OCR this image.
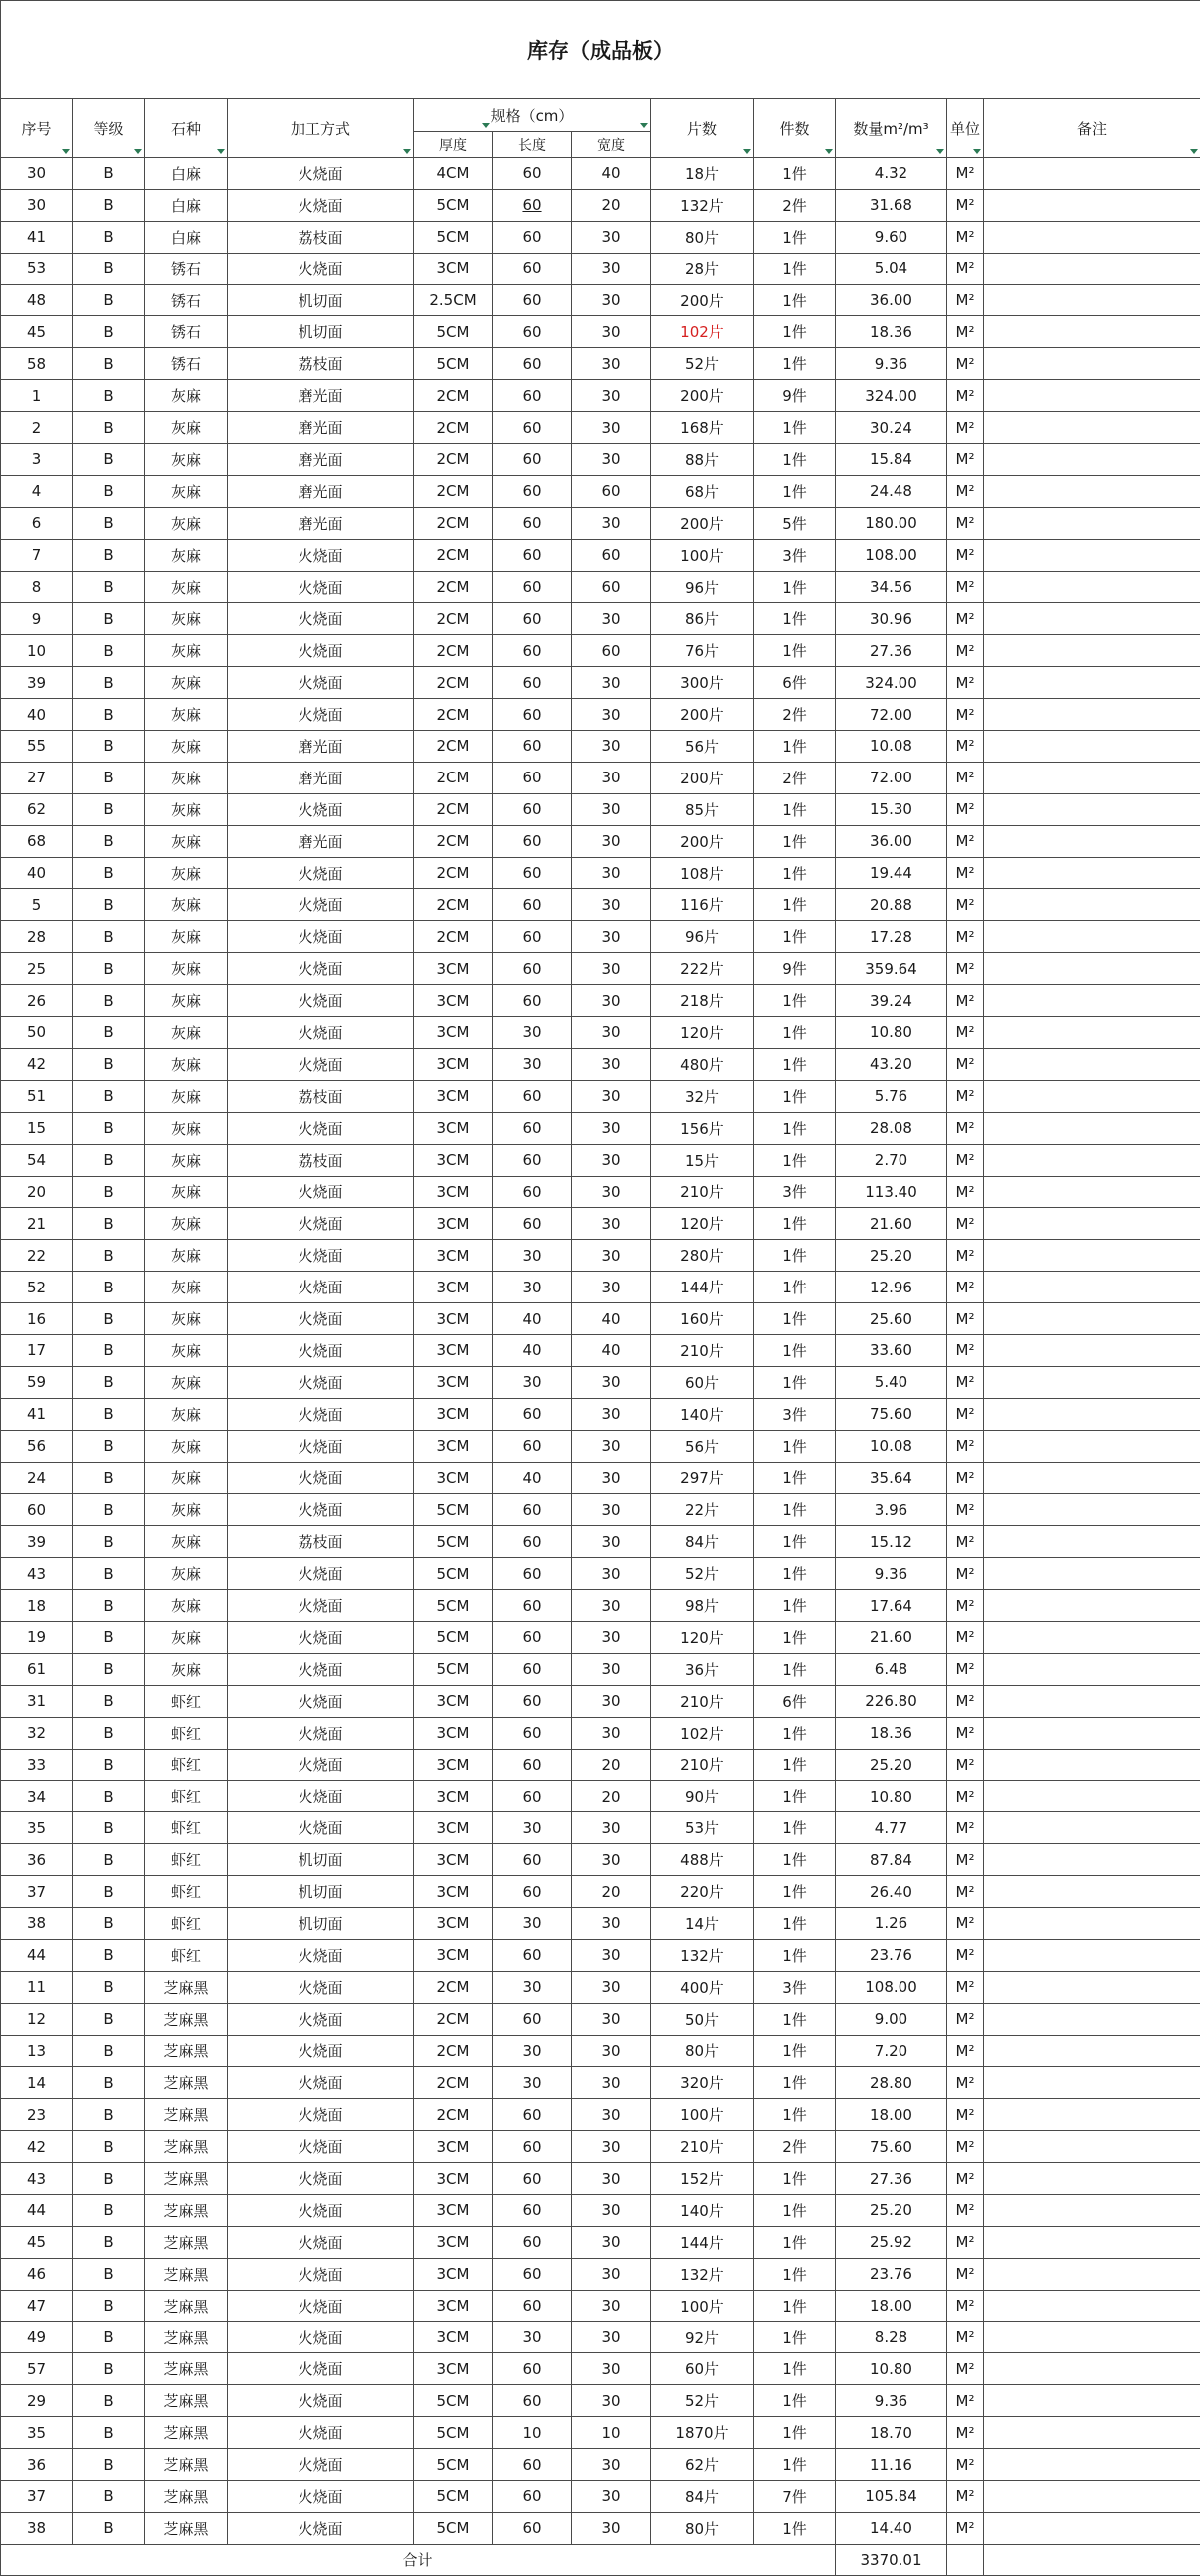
库存（成品板）											
序号	等级	石种	加工方式	规格（cm）			片数	件数	数量m²/m³	单位	备注

				厚度	长度	宽度					
30	B	白麻	火烧面	4CM	60	40	18片	1件	4.32	M²	
30	B	白麻	火烧面	5CM	60	20	132片	2件	31.68	M²	
41	B	白麻	荔枝面	5CM	60	30	80片	1件	9.60	M²	
53	B	锈石	火烧面	3CM	60	30	28片	1件	5.04	M²	
48	B	锈石	机切面	2.5CM	60	30	200片	1件	36.00	M²	
45	B	锈石	机切面	5CM	60	30	102片	1件	18.36	M²	
58	B	锈石	荔枝面	5CM	60	30	52片	1件	9.36	M²	
1	B	灰麻	磨光面	2CM	60	30	200片	9件	324.00	M²	
2	B	灰麻	磨光面	2CM	60	30	168片	1件	30.24	M²	
3	B	灰麻	磨光面	2CM	60	30	88片	1件	15.84	M²	
4	B	灰麻	磨光面	2CM	60	60	68片	1件	24.48	M²	
6	B	灰麻	磨光面	2CM	60	30	200片	5件	180.00	M²	
7	B	灰麻	火烧面	2CM	60	60	100片	3件	108.00	M²	
8	B	灰麻	火烧面	2CM	60	60	96片	1件	34.56	M²	
9	B	灰麻	火烧面	2CM	60	30	86片	1件	30.96	M²	
10	B	灰麻	火烧面	2CM	60	60	76片	1件	27.36	M²	
39	B	灰麻	火烧面	2CM	60	30	300片	6件	324.00	M²	
40	B	灰麻	火烧面	2CM	60	30	200片	2件	72.00	M²	
55	B	灰麻	磨光面	2CM	60	30	56片	1件	10.08	M²	
27	B	灰麻	磨光面	2CM	60	30	200片	2件	72.00	M²	
62	B	灰麻	火烧面	2CM	60	30	85片	1件	15.30	M²	
68	B	灰麻	磨光面	2CM	60	30	200片	1件	36.00	M²	
40	B	灰麻	火烧面	2CM	60	30	108片	1件	19.44	M²	
5	B	灰麻	火烧面	2CM	60	30	116片	1件	20.88	M²	
28	B	灰麻	火烧面	2CM	60	30	96片	1件	17.28	M²	
25	B	灰麻	火烧面	3CM	60	30	222片	9件	359.64	M²	
26	B	灰麻	火烧面	3CM	60	30	218片	1件	39.24	M²	
50	B	灰麻	火烧面	3CM	30	30	120片	1件	10.80	M²	
42	B	灰麻	火烧面	3CM	30	30	480片	1件	43.20	M²	
51	B	灰麻	荔枝面	3CM	60	30	32片	1件	5.76	M²	
15	B	灰麻	火烧面	3CM	60	30	156片	1件	28.08	M²	
54	B	灰麻	荔枝面	3CM	60	30	15片	1件	2.70	M²	
20	B	灰麻	火烧面	3CM	60	30	210片	3件	113.40	M²	
21	B	灰麻	火烧面	3CM	60	30	120片	1件	21.60	M²	
22	B	灰麻	火烧面	3CM	30	30	280片	1件	25.20	M²	
52	B	灰麻	火烧面	3CM	30	30	144片	1件	12.96	M²	
16	B	灰麻	火烧面	3CM	40	40	160片	1件	25.60	M²	
17	B	灰麻	火烧面	3CM	40	40	210片	1件	33.60	M²	
59	B	灰麻	火烧面	3CM	30	30	60片	1件	5.40	M²	
41	B	灰麻	火烧面	3CM	60	30	140片	3件	75.60	M²	
56	B	灰麻	火烧面	3CM	60	30	56片	1件	10.08	M²	
24	B	灰麻	火烧面	3CM	40	30	297片	1件	35.64	M²	
60	B	灰麻	火烧面	5CM	60	30	22片	1件	3.96	M²	
39	B	灰麻	荔枝面	5CM	60	30	84片	1件	15.12	M²	
43	B	灰麻	火烧面	5CM	60	30	52片	1件	9.36	M²	
18	B	灰麻	火烧面	5CM	60	30	98片	1件	17.64	M²	
19	B	灰麻	火烧面	5CM	60	30	120片	1件	21.60	M²	
61	B	灰麻	火烧面	5CM	60	30	36片	1件	6.48	M²	
31	B	虾红	火烧面	3CM	60	30	210片	6件	226.80	M²	
32	B	虾红	火烧面	3CM	60	30	102片	1件	18.36	M²	
33	B	虾红	火烧面	3CM	60	20	210片	1件	25.20	M²	
34	B	虾红	火烧面	3CM	60	20	90片	1件	10.80	M²	
35	B	虾红	火烧面	3CM	30	30	53片	1件	4.77	M²	
36	B	虾红	机切面	3CM	60	30	488片	1件	87.84	M²	
37	B	虾红	机切面	3CM	60	20	220片	1件	26.40	M²	
38	B	虾红	机切面	3CM	30	30	14片	1件	1.26	M²	
44	B	虾红	火烧面	3CM	60	30	132片	1件	23.76	M²	
11	B	芝麻黑	火烧面	2CM	30	30	400片	3件	108.00	M²	
12	B	芝麻黑	火烧面	2CM	60	30	50片	1件	9.00	M²	
13	B	芝麻黑	火烧面	2CM	30	30	80片	1件	7.20	M²	
14	B	芝麻黑	火烧面	2CM	30	30	320片	1件	28.80	M²	
23	B	芝麻黑	火烧面	2CM	60	30	100片	1件	18.00	M²	
42	B	芝麻黑	火烧面	3CM	60	30	210片	2件	75.60	M²	
43	B	芝麻黑	火烧面	3CM	60	30	152片	1件	27.36	M²	
44	B	芝麻黑	火烧面	3CM	60	30	140片	1件	25.20	M²	
45	B	芝麻黑	火烧面	3CM	60	30	144片	1件	25.92	M²	
46	B	芝麻黑	火烧面	3CM	60	30	132片	1件	23.76	M²	
47	B	芝麻黑	火烧面	3CM	60	30	100片	1件	18.00	M²	
49	B	芝麻黑	火烧面	3CM	30	30	92片	1件	8.28	M²	
57	B	芝麻黑	火烧面	3CM	60	30	60片	1件	10.80	M²	
29	B	芝麻黑	火烧面	5CM	60	30	52片	1件	9.36	M²	
35	B	芝麻黑	火烧面	5CM	10	10	1870片	1件	18.70	M²	
36	B	芝麻黑	火烧面	5CM	60	30	62片	1件	11.16	M²	
37	B	芝麻黑	火烧面	5CM	60	30	84片	7件	105.84	M²	
38	B	芝麻黑	火烧面	5CM	60	30	80片	1件	14.40	M²	
合计									3370.01		
